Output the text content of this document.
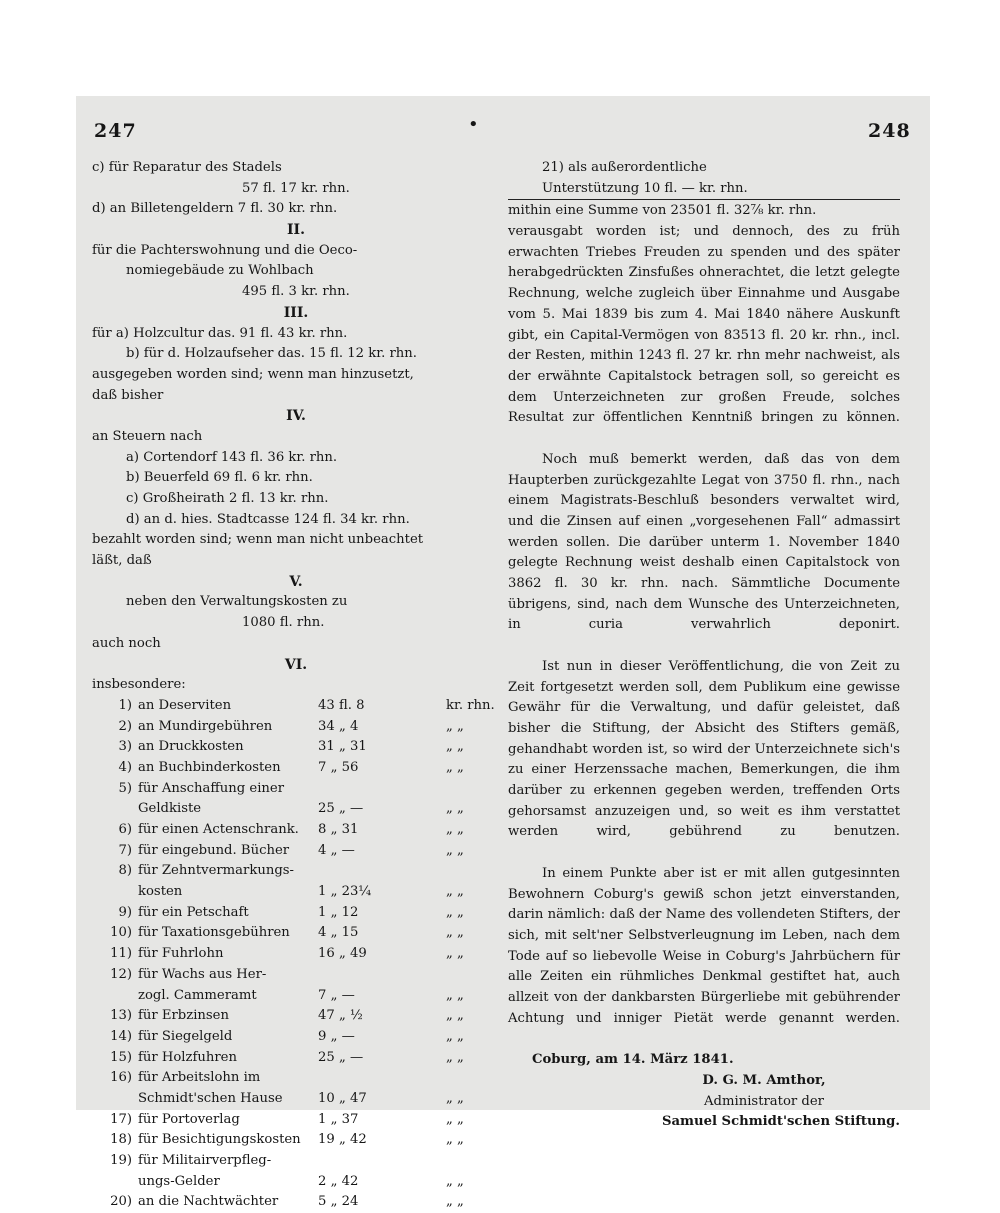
247	•	248
c) für Reparatur des Stadels
57 fl. 17 kr. rhn.
d) an Billetengeldern 7 fl. 30 kr. rhn.
II.
für die Pachterswohnung und die Oeco-
nomiegebäude zu Wohlbach
495 fl. 3 kr. rhn.
III.
für a) Holzcultur das. 91 fl. 43 kr. rhn.
b) für d. Holzaufseher das. 15 fl. 12 kr. rhn.
ausgegeben worden sind; wenn man hinzusetzt,
daß bisher
IV.
an Steuern nach
a) Cortendorf 143 fl. 36 kr. rhn.
b) Beuerfeld 69 fl. 6 kr. rhn.
c) Großheirath 2 fl. 13 kr. rhn.
d) an d. hies. Stadtcasse 124 fl. 34 kr. rhn.
bezahlt worden sind; wenn man nicht unbeachtet
läßt, daß
V.
neben den Verwaltungskosten zu
1080 fl. rhn.
auch noch
VI.
insbesondere:
1) an Deserviten	43 fl. 8	kr. rhn.
2) an Mundirgebühren	34 „ 4	„ „
3) an Druckkosten	31 „ 31	„ „
4) an Buchbinderkosten	7 „ 56	„ „
5) für Anschaffung einer
Geldkiste	25 „ —	„ „
6) für einen Actenschrank. 8 „ 31	„ „
7) für eingebund. Bücher 4 „ —	„ „
8) für Zehntvermarkungs-
kosten	1 „ 23¼	„ „
9) für ein Petschaft	1 „ 12	„ „
10) für Taxationsgebühren 4 „ 15	„ „
11) für Fuhrlohn	16 „ 49	„ „
12) für Wachs aus Her-
zogl. Cammeramt	7 „ —	„ „
13) für Erbzinsen	47 „ ½	„ „
14) für Siegelgeld	9 „ —	„ „
15) für Holzfuhren	25 „ —	„ „
16) für Arbeitslohn im
Schmidt'schen Hause	10 „ 47	„ „
17) für Portoverlag	1 „ 37	„ „
18) für Besichtigungskosten 19 „ 42	„ „
19) für Militairverpfleg-
ungs-Gelder	2 „ 42	„ „
20) an die Nachtwächter	5 „ 24	„ „
21) als außerordentliche
Unterstützung 10 fl. — kr. rhn.
mithin eine Summe von 23501 fl. 32⅞ kr. rhn.
verausgabt worden ist; und dennoch, des zu früh erwachten Triebes Freuden zu spenden und des später herabgedrückten Zinsfußes ohnerachtet, die letzt gelegte Rechnung, welche zugleich über Einnahme und Ausgabe vom 5. Mai 1839 bis zum 4. Mai 1840 nähere Auskunft gibt, ein Capital-Vermögen von 83513 fl. 20 kr. rhn., incl. der Resten, mithin 1243 fl. 27 kr. rhn mehr nachweist, als der erwähnte Capitalstock betragen soll, so gereicht es dem Unterzeichneten zur großen Freude, solches Resultat zur öffentlichen Kenntniß bringen zu können.
Noch muß bemerkt werden, daß das von dem Haupterben zurückgezahlte Legat von 3750 fl. rhn., nach einem Magistrats-Beschluß besonders verwaltet wird, und die Zinsen auf einen „vorgesehenen Fall“ admassirt werden sollen. Die darüber unterm 1. November 1840 gelegte Rechnung weist deshalb einen Capitalstock von 3862 fl. 30 kr. rhn. nach. Sämmtliche Documente übrigens, sind, nach dem Wunsche des Unterzeichneten, in curia verwahrlich deponirt.
Ist nun in dieser Veröffentlichung, die von Zeit zu Zeit fortgesetzt werden soll, dem Publikum eine gewisse Gewähr für die Verwaltung, und dafür geleistet, daß bisher die Stiftung, der Absicht des Stifters gemäß, gehandhabt worden ist, so wird der Unterzeichnete sich's zu einer Herzenssache machen, Bemerkungen, die ihm darüber zu erkennen gegeben werden, treffenden Orts gehorsamst anzuzeigen und, so weit es ihm verstattet werden wird, gebührend zu benutzen.
In einem Punkte aber ist er mit allen gutgesinnten Bewohnern Coburg's gewiß schon jetzt einverstanden, darin nämlich: daß der Name des vollendeten Stifters, der sich, mit selt'ner Selbstverleugnung im Leben, nach dem Tode auf so liebevolle Weise in Coburg's Jahrbüchern für alle Zeiten ein rühmliches Denkmal gestiftet hat, auch allzeit von der dankbarsten Bürgerliebe mit gebührender Achtung und inniger Pietät werde genannt werden.
Coburg, am 14. März 1841.
D. G. M. Amthor,
Administrator der
Samuel Schmidt'schen Stiftung.
